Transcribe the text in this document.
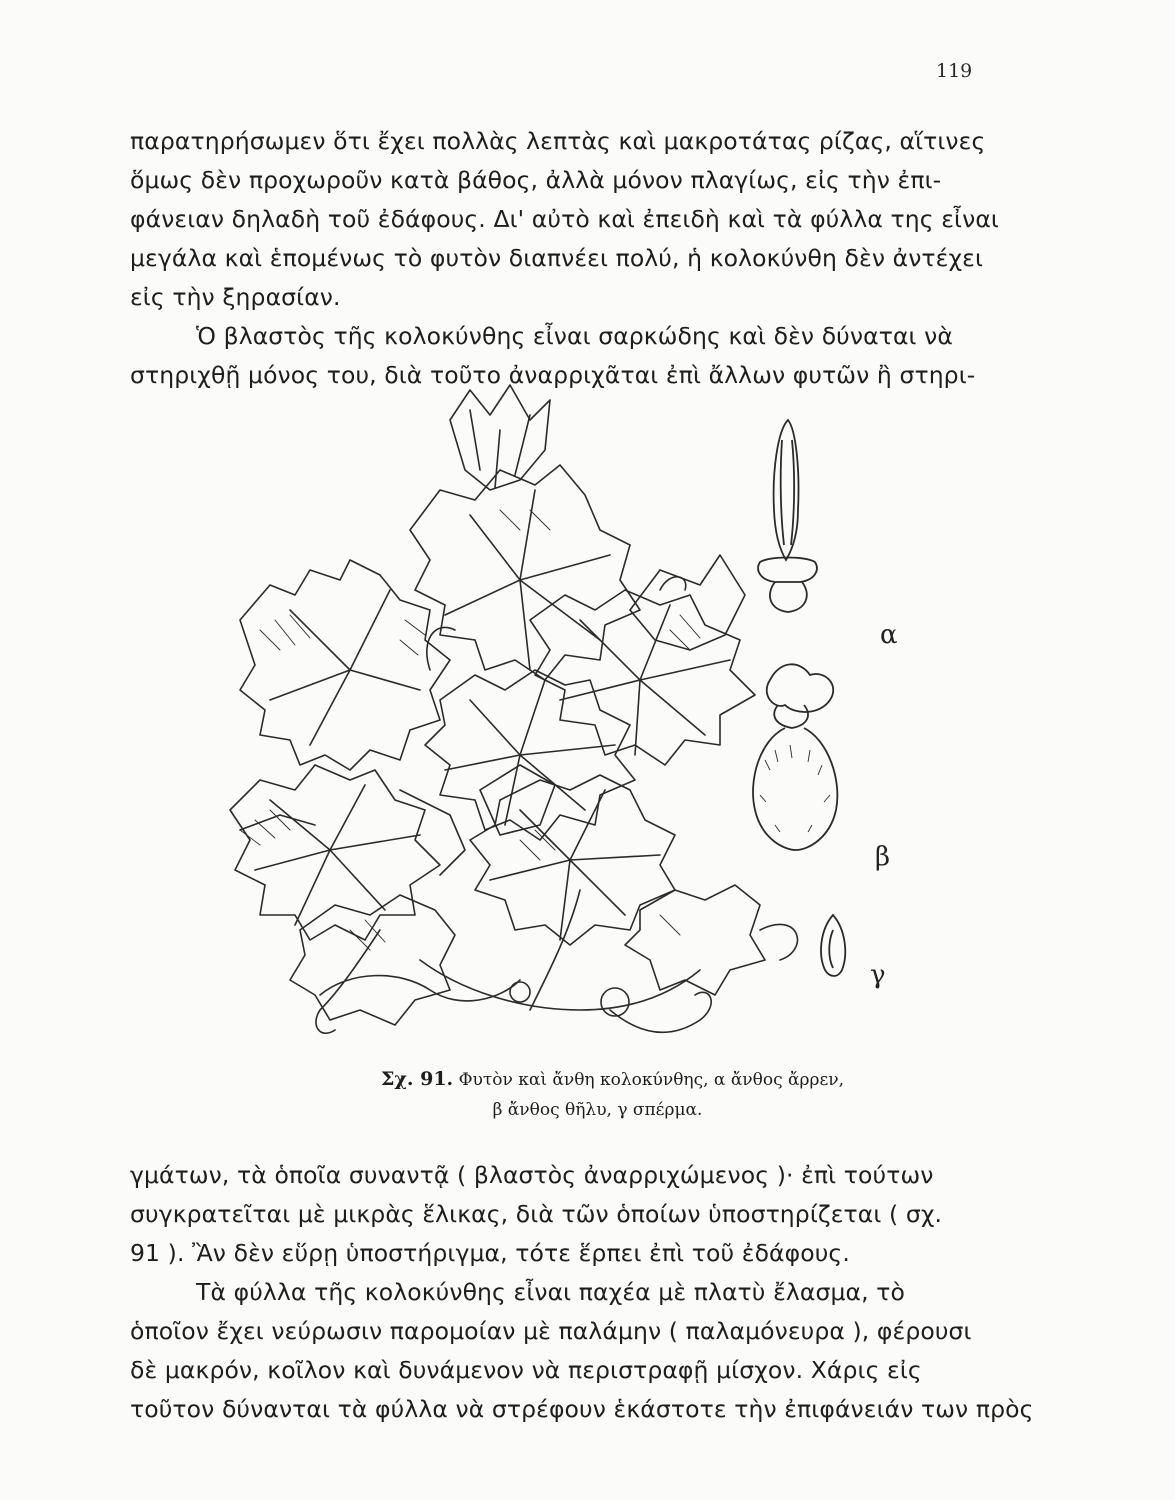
119
παρατηρήσωμεν ὅτι ἔχει πολλὰς λεπτὰς καὶ μακροτάτας ρίζας, αἵτινες
ὅμως δὲν προχωροῦν κατὰ βάθος, ἀλλὰ μόνον πλαγίως, εἰς τὴν ἐπι-
φάνειαν δηλαδὴ τοῦ ἐδάφους. Δι' αὐτὸ καὶ ἐπειδὴ καὶ τὰ φύλλα της εἶναι
μεγάλα καὶ ἑπομένως τὸ φυτὸν διαπνέει πολύ, ἡ κολοκύνθη δὲν ἀντέχει
εἰς τὴν ξηρασίαν.
Ὁ βλαστὸς τῆς κολοκύνθης εἶναι σαρκώδης καὶ δὲν δύναται νὰ
στηριχθῇ μόνος του, διὰ τοῦτο ἀναρριχᾶται ἐπὶ ἄλλων φυτῶν ἢ στηρι-
α
β
γ
Σχ. 91. Φυτὸν καὶ ἄνθη κολοκύνθης, α ἄνθος ἄρρεν,
β ἄνθος θῆλυ, γ σπέρμα.
γμάτων, τὰ ὁποῖα συναντᾷ ( βλαστὸς ἀναρριχώμενος )· ἐπὶ τούτων
συγκρατεῖται μὲ μικρὰς ἕλικας, διὰ τῶν ὁποίων ὑποστηρίζεται ( σχ.
91 ). Ἂν δὲν εὕρῃ ὑποστήριγμα, τότε ἕρπει ἐπὶ τοῦ ἐδάφους.
Τὰ φύλλα τῆς κολοκύνθης εἶναι παχέα μὲ πλατὺ ἔλασμα, τὸ
ὁποῖον ἔχει νεύρωσιν παρομοίαν μὲ παλάμην ( παλαμόνευρα ), φέρουσι
δὲ μακρόν, κοῖλον καὶ δυνάμενον νὰ περιστραφῇ μίσχον. Χάρις εἰς
τοῦτον δύνανται τὰ φύλλα νὰ στρέφουν ἑκάστοτε τὴν ἐπιφάνειάν των πρὸς
